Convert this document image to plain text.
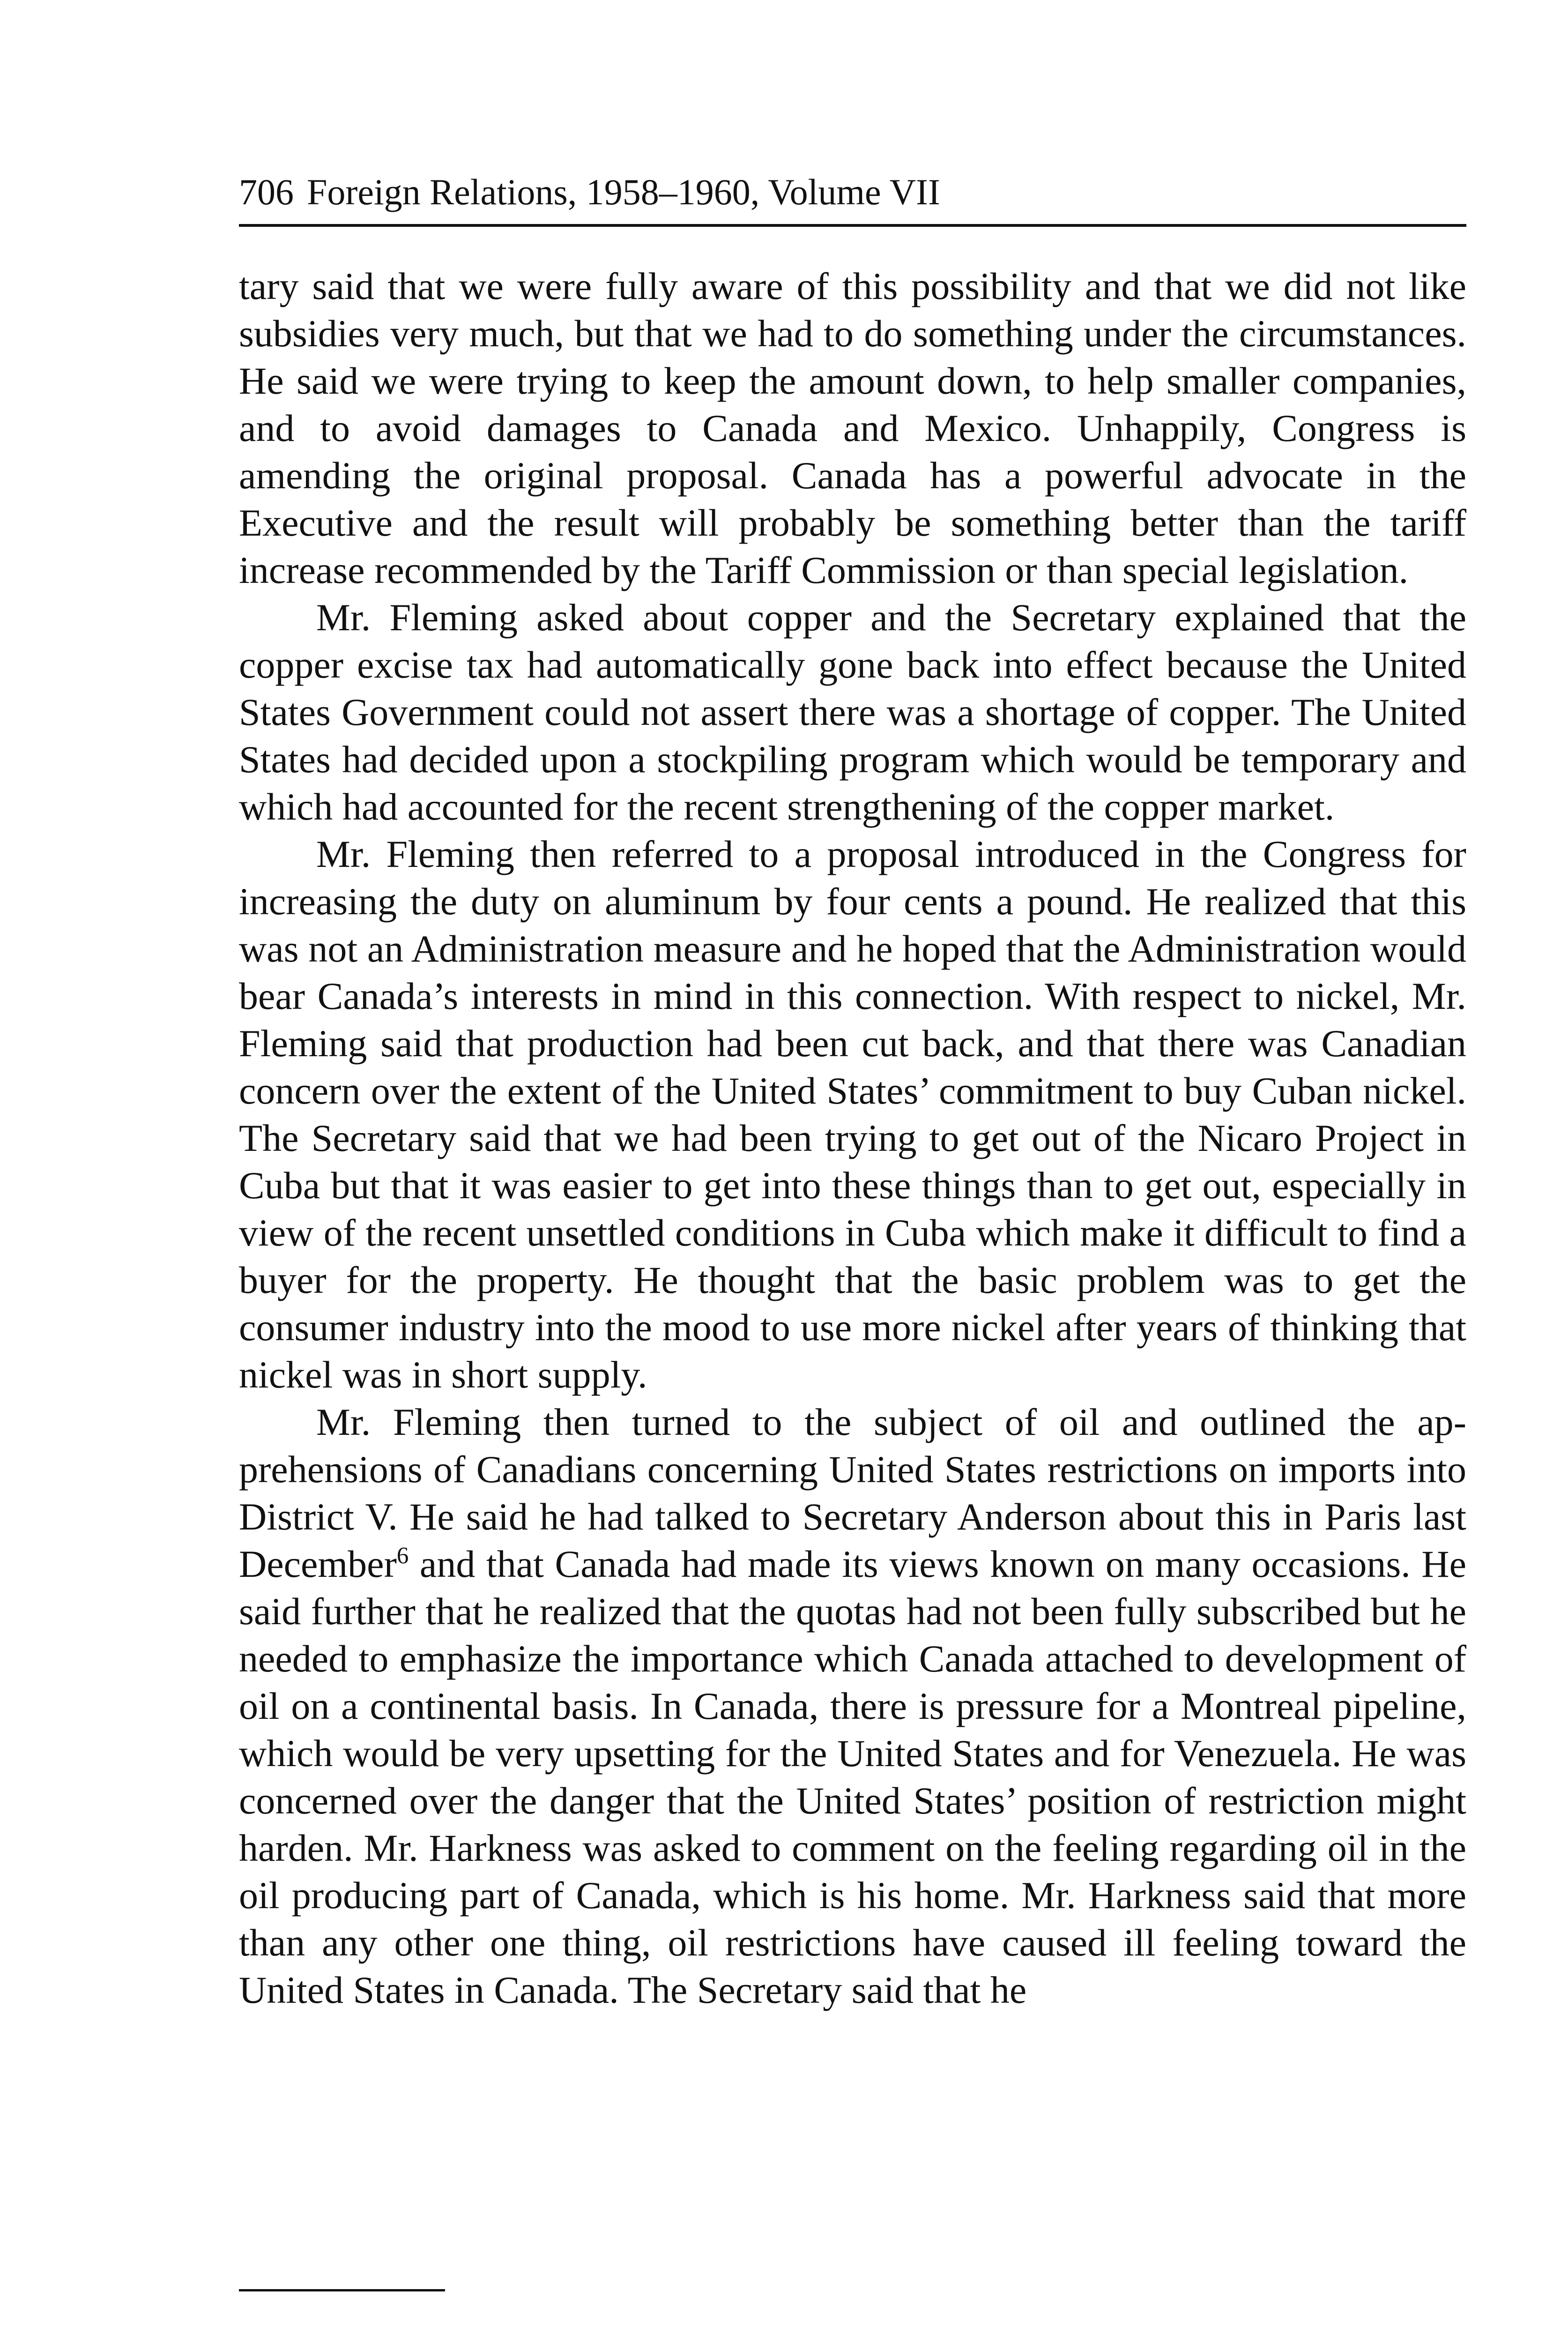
706 Foreign Relations, 1958–1960, Volume VII

tary said that we were fully aware of this possibility and that we did not like subsidies very much, but that we had to do something under the circumstances. He said we were trying to keep the amount down, to help smaller companies, and to avoid damages to Canada and Mexico. Unhappily, Congress is amending the original proposal. Canada has a powerful advocate in the Executive and the result will probably be something better than the tariff increase recommended by the Tariff Commission or than special legislation.

Mr. Fleming asked about copper and the Secretary explained that the copper excise tax had automatically gone back into effect because the United States Government could not assert there was a shortage of copper. The United States had decided upon a stockpiling program which would be temporary and which had accounted for the recent strengthening of the copper market.

Mr. Fleming then referred to a proposal introduced in the Congress for increasing the duty on aluminum by four cents a pound. He realized that this was not an Administration measure and he hoped that the Administration would bear Canada’s interests in mind in this connection. With respect to nickel, Mr. Fleming said that production had been cut back, and that there was Canadian concern over the extent of the United States’ commitment to buy Cuban nickel. The Secretary said that we had been trying to get out of the Nicaro Project in Cuba but that it was easier to get into these things than to get out, especially in view of the recent unsettled conditions in Cuba which make it difficult to find a buyer for the property. He thought that the basic problem was to get the consumer industry into the mood to use more nickel after years of thinking that nickel was in short supply.

Mr. Fleming then turned to the subject of oil and outlined the apprehensions of Canadians concerning United States restrictions on imports into District V. He said he had talked to Secretary Anderson about this in Paris last December$^6$ and that Canada had made its views known on many occasions. He said further that he realized that the quotas had not been fully subscribed but he needed to emphasize the importance which Canada attached to development of oil on a continental basis. In Canada, there is pressure for a Montreal pipeline, which would be very upsetting for the United States and for Venezuela. He was concerned over the danger that the United States’ position of restriction might harden. Mr. Harkness was asked to comment on the feeling regarding oil in the oil producing part of Canada, which is his home. Mr. Harkness said that more than any other one thing, oil restrictions have caused ill feeling toward the United States in Canada. The Secretary said that he
